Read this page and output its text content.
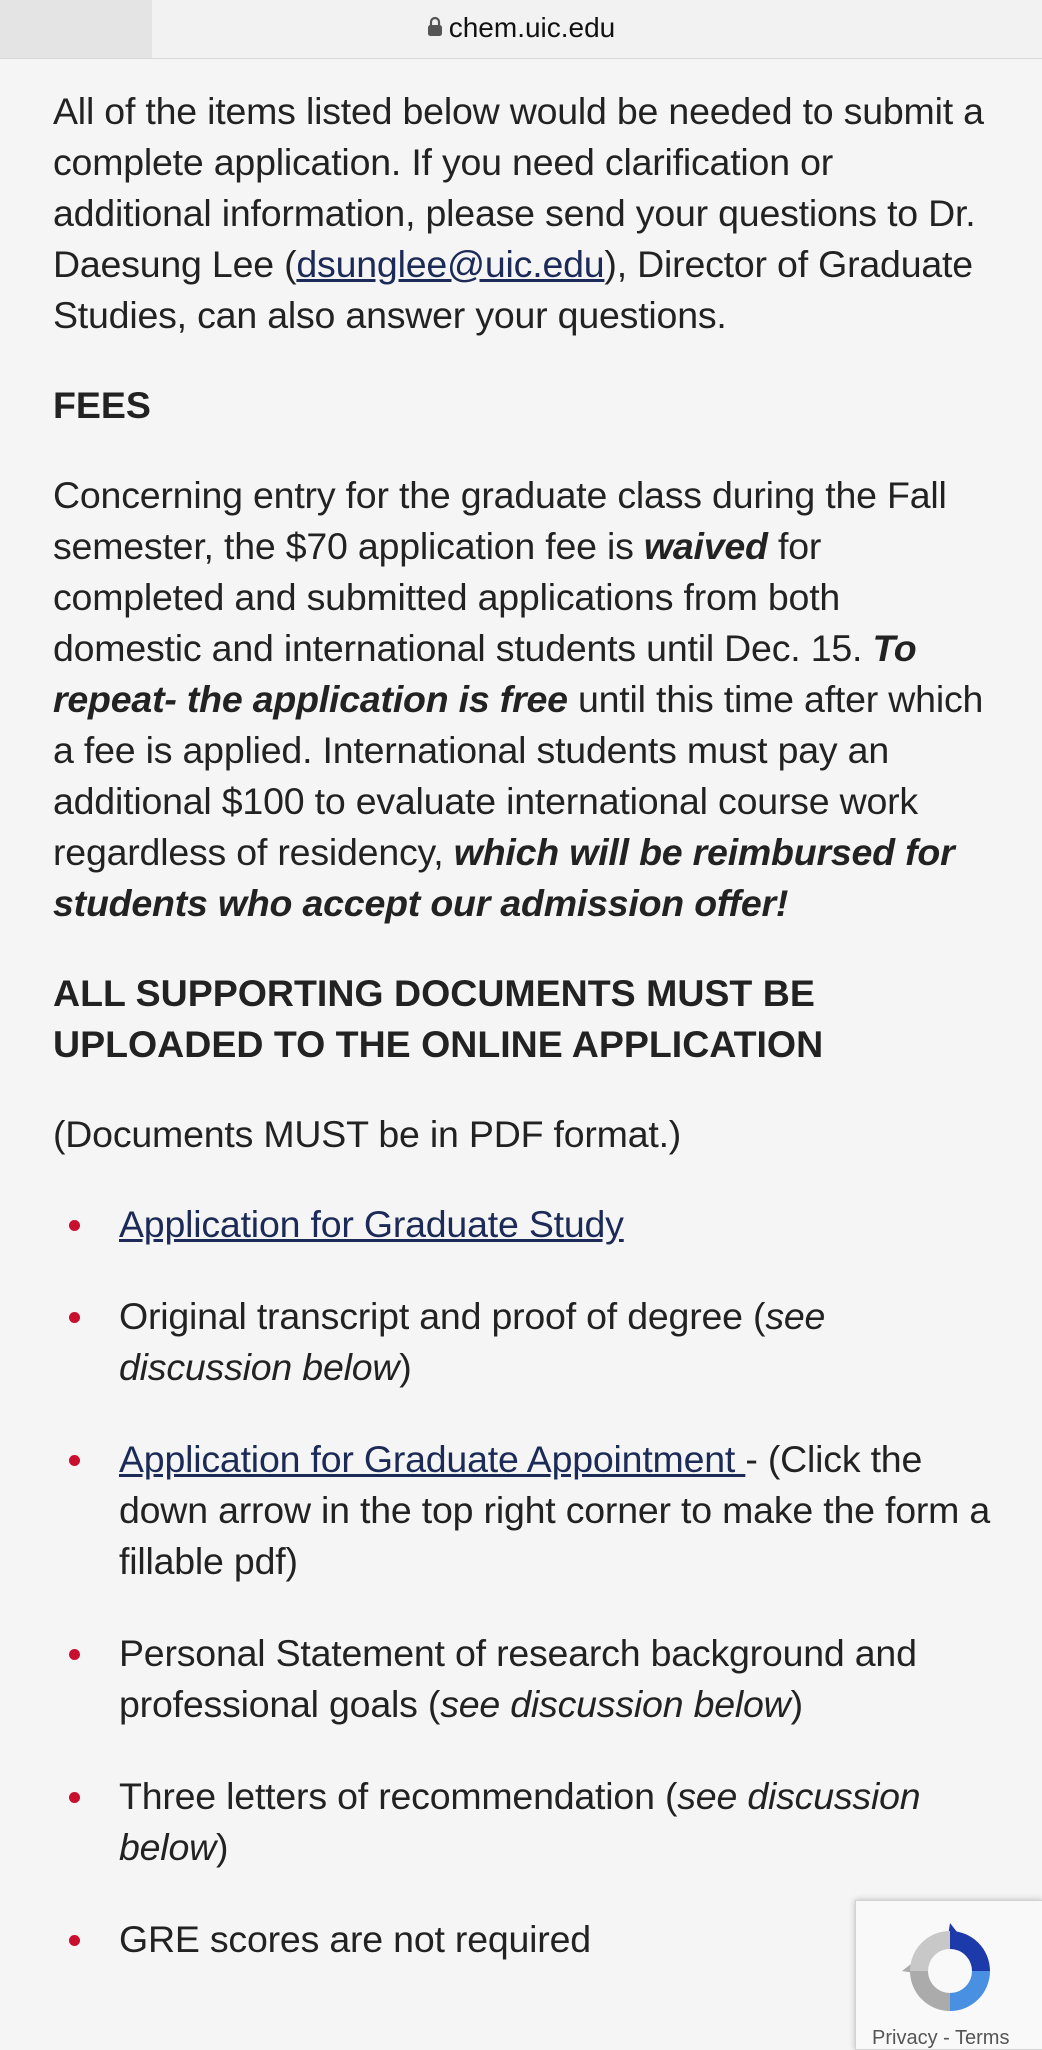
chem.uic.edu

All of the items listed below would be needed to submit a complete application. If you need clarification or additional information, please send your questions to Dr. Daesung Lee (dsunglee@uic.edu), Director of Graduate Studies, can also answer your questions.

FEES

Concerning entry for the graduate class during the Fall semester, the $70 application fee is waived for completed and submitted applications from both domestic and international students until Dec. 15. To repeat- the application is free until this time after which a fee is applied. International students must pay an additional $100 to evaluate international course work regardless of residency, which will be reimbursed for students who accept our admission offer!

ALL SUPPORTING DOCUMENTS MUST BE UPLOADED TO THE ONLINE APPLICATION

(Documents MUST be in PDF format.)

Application for Graduate Study
Original transcript and proof of degree (see discussion below)
Application for Graduate Appointment - (Click the down arrow in the top right corner to make the form a fillable pdf)
Personal Statement of research background and professional goals (see discussion below)
Three letters of recommendation (see discussion below)
GRE scores are not required
Privacy - Terms
